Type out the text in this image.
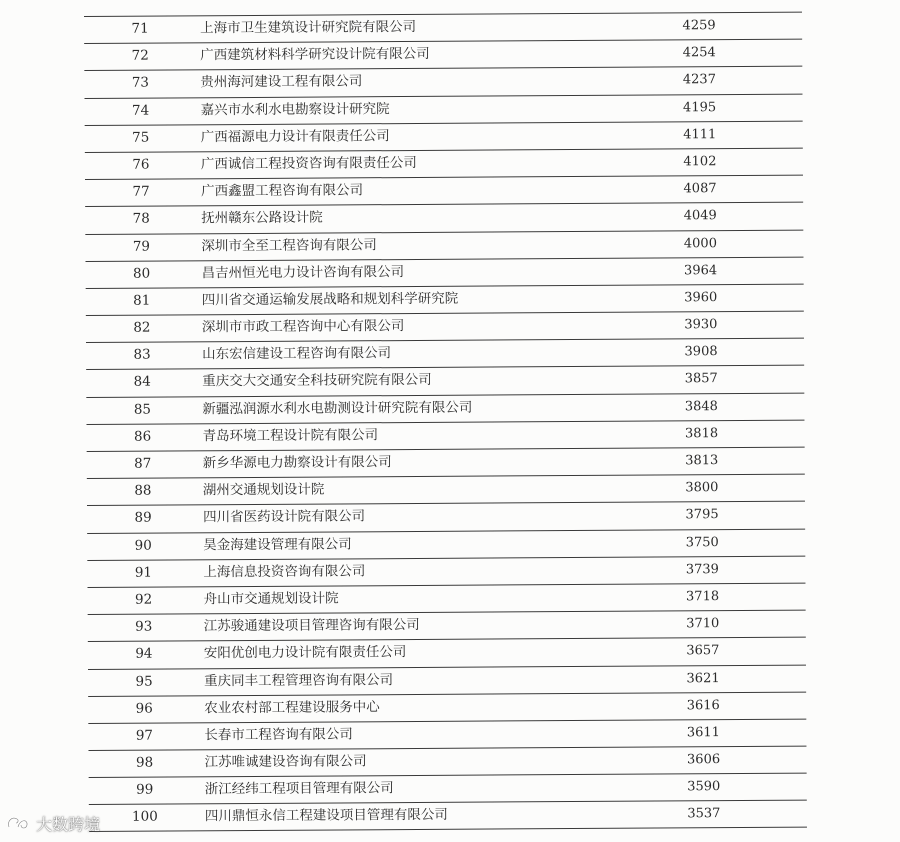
71	上海市卫生建筑设计研究院有限公司	4259
72	广西建筑材料科学研究设计院有限公司	4254
73	贵州海河建设工程有限公司	4237
74	嘉兴市水利水电勘察设计研究院	4195
75	广西福源电力设计有限责任公司	4111
76	广西诚信工程投资咨询有限责任公司	4102
77	广西鑫盟工程咨询有限公司	4087
78	抚州赣东公路设计院	4049
79	深圳市全至工程咨询有限公司	4000
80	昌吉州恒光电力设计咨询有限公司	3964
81	四川省交通运输发展战略和规划科学研究院	3960
82	深圳市市政工程咨询中心有限公司	3930
83	山东宏信建设工程咨询有限公司	3908
84	重庆交大交通安全科技研究院有限公司	3857
85	新疆泓润源水利水电勘测设计研究院有限公司	3848
86	青岛环境工程设计院有限公司	3818
87	新乡华源电力勘察设计有限公司	3813
88	湖州交通规划设计院	3800
89	四川省医药设计院有限公司	3795
90	昊金海建设管理有限公司	3750
91	上海信息投资咨询有限公司	3739
92	舟山市交通规划设计院	3718
93	江苏骏通建设项目管理咨询有限公司	3710
94	安阳优创电力设计院有限责任公司	3657
95	重庆同丰工程管理咨询有限公司	3621
96	农业农村部工程建设服务中心	3616
97	长春市工程咨询有限公司	3611
98	江苏唯诚建设咨询有限公司	3606
99	浙江经纬工程项目管理有限公司	3590
100	四川鼎恒永信工程建设项目管理有限公司	3537
大数跨境
